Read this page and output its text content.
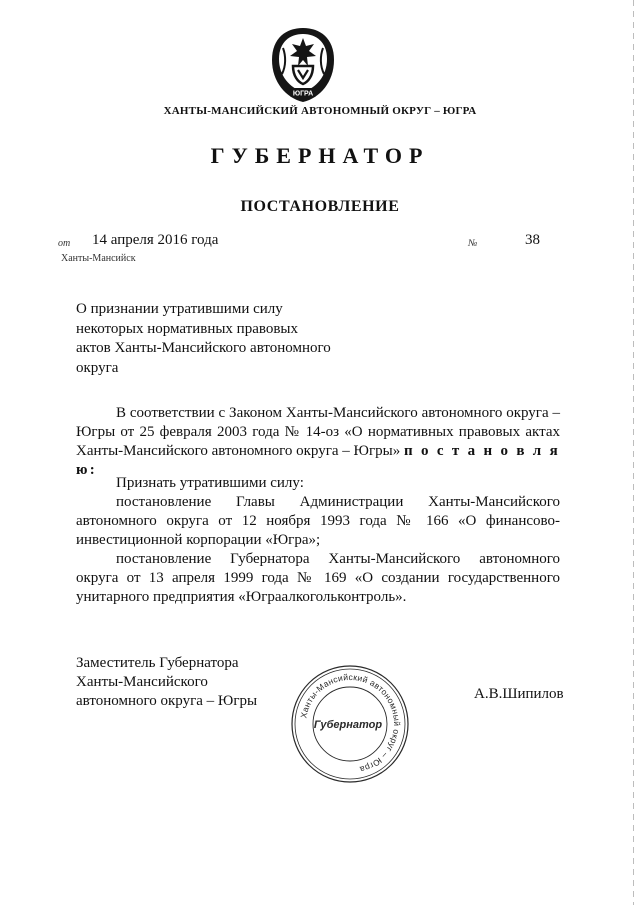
ЮГРА
ХАНТЫ-МАНСИЙСКИЙ АВТОНОМНЫЙ ОКРУГ – ЮГРА
ГУБЕРНАТОР
ПОСТАНОВЛЕНИЕ
от 14 апреля 2016 года	№	38
Ханты-Мансийск
О признании утратившими силу
некоторых нормативных правовых
актов Ханты-Мансийского автономного
округа
В соответствии с Законом Ханты-Мансийского автономного округа –
Югры от 25 февраля 2003 года № 14-оз «О нормативных правовых актах
Ханты-Мансийского автономного округа – Югры» п о с т а н о в л я ю:
Признать утратившими силу:
постановление Главы Администрации Ханты-Мансийского
автономного округа от 12 ноября 1993 года № 166 «О финансово-
инвестиционной корпорации «Югра»;
постановление Губернатора Ханты-Мансийского автономного
округа от 13 апреля 1999 года № 169 «О создании государственного
унитарного предприятия «Юграалкогольконтроль».
Заместитель Губернатора
Ханты-Мансийского
автономного округа – Югры
Ханты-Мансийский автономный округ – Югра
Губернатор
А.В.Шипилов
